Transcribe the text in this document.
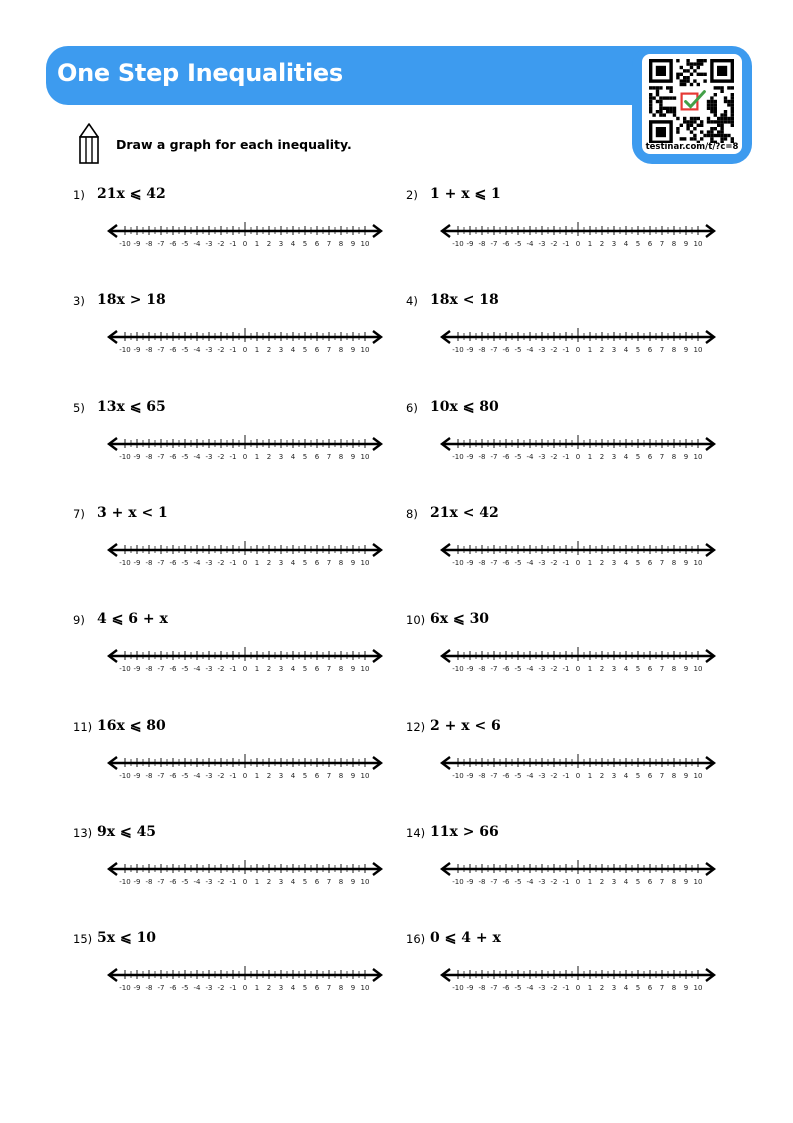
One Step Inequalities
testinar.com/t/?c=8
Draw a graph for each inequality.
1) 21x ⩽ 42
-10 -9 -8 -7 -6 -5 -4 -3 -2 -1 0 1 2 3 4 5 6 7 8 9 10
2) 1 + x ⩽ 1
-10 -9 -8 -7 -6 -5 -4 -3 -2 -1 0 1 2 3 4 5 6 7 8 9 10
3) 18x > 18
-10 -9 -8 -7 -6 -5 -4 -3 -2 -1 0 1 2 3 4 5 6 7 8 9 10
4) 18x < 18
-10 -9 -8 -7 -6 -5 -4 -3 -2 -1 0 1 2 3 4 5 6 7 8 9 10
5) 13x ⩽ 65
-10 -9 -8 -7 -6 -5 -4 -3 -2 -1 0 1 2 3 4 5 6 7 8 9 10
6) 10x ⩽ 80
-10 -9 -8 -7 -6 -5 -4 -3 -2 -1 0 1 2 3 4 5 6 7 8 9 10
7) 3 + x < 1
-10 -9 -8 -7 -6 -5 -4 -3 -2 -1 0 1 2 3 4 5 6 7 8 9 10
8) 21x < 42
-10 -9 -8 -7 -6 -5 -4 -3 -2 -1 0 1 2 3 4 5 6 7 8 9 10
9) 4 ⩽ 6 + x
-10 -9 -8 -7 -6 -5 -4 -3 -2 -1 0 1 2 3 4 5 6 7 8 9 10
10) 6x ⩽ 30
-10 -9 -8 -7 -6 -5 -4 -3 -2 -1 0 1 2 3 4 5 6 7 8 9 10
11) 16x ⩽ 80
-10 -9 -8 -7 -6 -5 -4 -3 -2 -1 0 1 2 3 4 5 6 7 8 9 10
12) 2 + x < 6
-10 -9 -8 -7 -6 -5 -4 -3 -2 -1 0 1 2 3 4 5 6 7 8 9 10
13) 9x ⩽ 45
-10 -9 -8 -7 -6 -5 -4 -3 -2 -1 0 1 2 3 4 5 6 7 8 9 10
14) 11x > 66
-10 -9 -8 -7 -6 -5 -4 -3 -2 -1 0 1 2 3 4 5 6 7 8 9 10
15) 5x ⩽ 10
-10 -9 -8 -7 -6 -5 -4 -3 -2 -1 0 1 2 3 4 5 6 7 8 9 10
16) 0 ⩽ 4 + x
-10 -9 -8 -7 -6 -5 -4 -3 -2 -1 0 1 2 3 4 5 6 7 8 9 10
